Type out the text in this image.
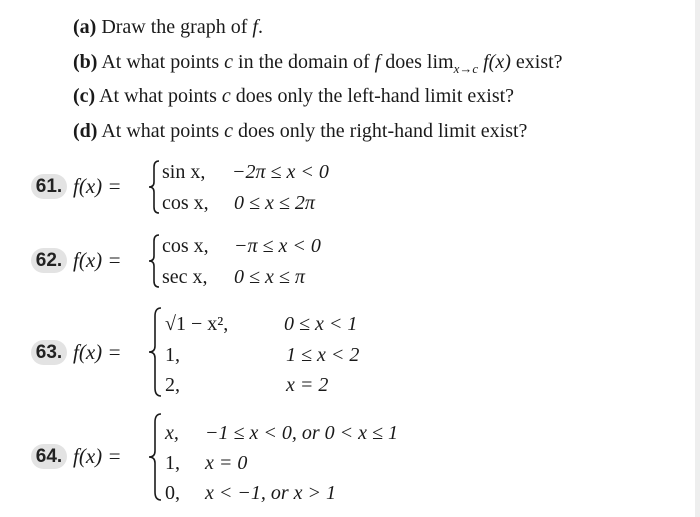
(a) Draw the graph of f.
(b) At what points c in the domain of f does $\lim_{x\to c} f(x)$ exist?
(c) At what points c does only the left-hand limit exist?
(d) At what points c does only the right-hand limit exist?
61. f(x) =
sin x, −2π ≤ x < 0
cos x, 0 ≤ x ≤ 2π
62. f(x) =
cos x, −π ≤ x < 0
sec x, 0 ≤ x ≤ π
63. f(x) =
√1 − x²,	0 ≤ x < 1
1,	1 ≤ x < 2
2,	x = 2
64. f(x) =
x, −1 ≤ x < 0, or 0 < x ≤ 1
1, x = 0
0, x < −1, or x > 1
